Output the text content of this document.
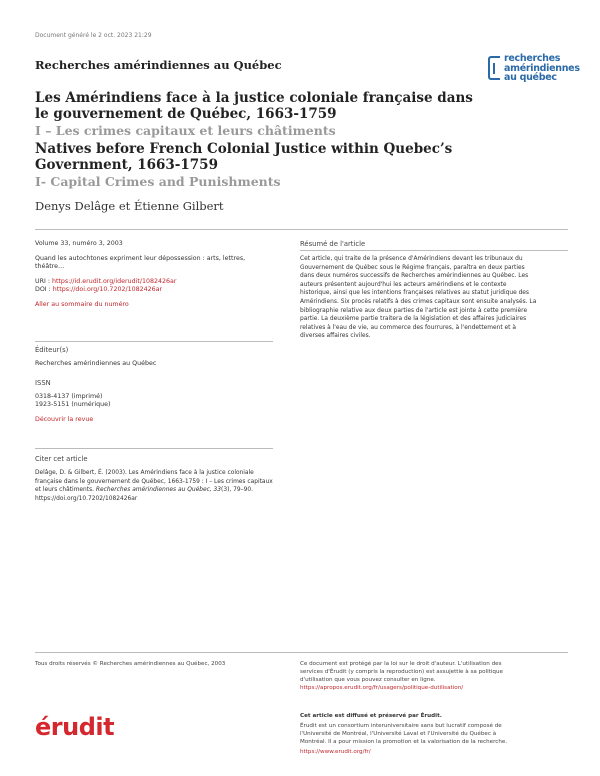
Document généré le 2 oct. 2023 21:29
Recherches amérindiennes au Québec	recherches
amérindiennes
au québec
Les Amérindiens face à la justice coloniale française dans le gouvernement de Québec, 1663-1759
I – Les crimes capitaux et leurs châtiments
Natives before French Colonial Justice within Quebec’s Government, 1663-1759
I- Capital Crimes and Punishments
Denys Delâge et Étienne Gilbert
Volume 33, numéro 3, 2003
Quand les autochtones expriment leur dépossession : arts, lettres, théâtre…
URI : https://id.erudit.org/iderudit/1082426ar
DOI : https://doi.org/10.7202/1082426ar
Aller au sommaire du numéro
Éditeur(s)
Recherches amérindiennes au Québec
ISSN
0318-4137 (imprimé)
1923-5151 (numérique)
Découvrir la revue
Citer cet article
Delâge, D. & Gilbert, É. (2003). Les Amérindiens face à la justice coloniale
française dans le gouvernement de Québec, 1663-1759 : I – Les crimes capitaux
et leurs châtiments. Recherches amérindiennes au Québec, 33(3), 79–90.
https://doi.org/10.7202/1082426ar
Résumé de l'article
Cet article, qui traite de la présence d'Amérindiens devant les tribunaux du
Gouvernement de Québec sous le Régime français, paraîtra en deux parties
dans deux numéros successifs de Recherches amérindiennes au Québec. Les
auteurs présentent aujourd'hui les acteurs amérindiens et le contexte
historique, ainsi que les intentions françaises relatives au statut juridique des
Amérindiens. Six procès relatifs à des crimes capitaux sont ensuite analysés. La
bibliographie relative aux deux parties de l'article est jointe à cette première
partie. La deuxième partie traitera de la législation et des affaires judiciaires
relatives à l'eau de vie, au commerce des fourrures, à l'endettement et à
diverses affaires civiles.
Tous droits réservés © Recherches amérindiennes au Québec, 2003	Ce document est protégé par la loi sur le droit d'auteur. L'utilisation des
services d'Érudit (y compris la reproduction) est assujettie à sa politique
d'utilisation que vous pouvez consulter en ligne.
https://apropos.erudit.org/fr/usagers/politique-dutilisation/
érudit	Cet article est diffusé et préservé par Érudit.
Érudit est un consortium interuniversitaire sans but lucratif composé de
l'Université de Montréal, l'Université Laval et l'Université du Québec à
Montréal. Il a pour mission la promotion et la valorisation de la recherche.
https://www.erudit.org/fr/
